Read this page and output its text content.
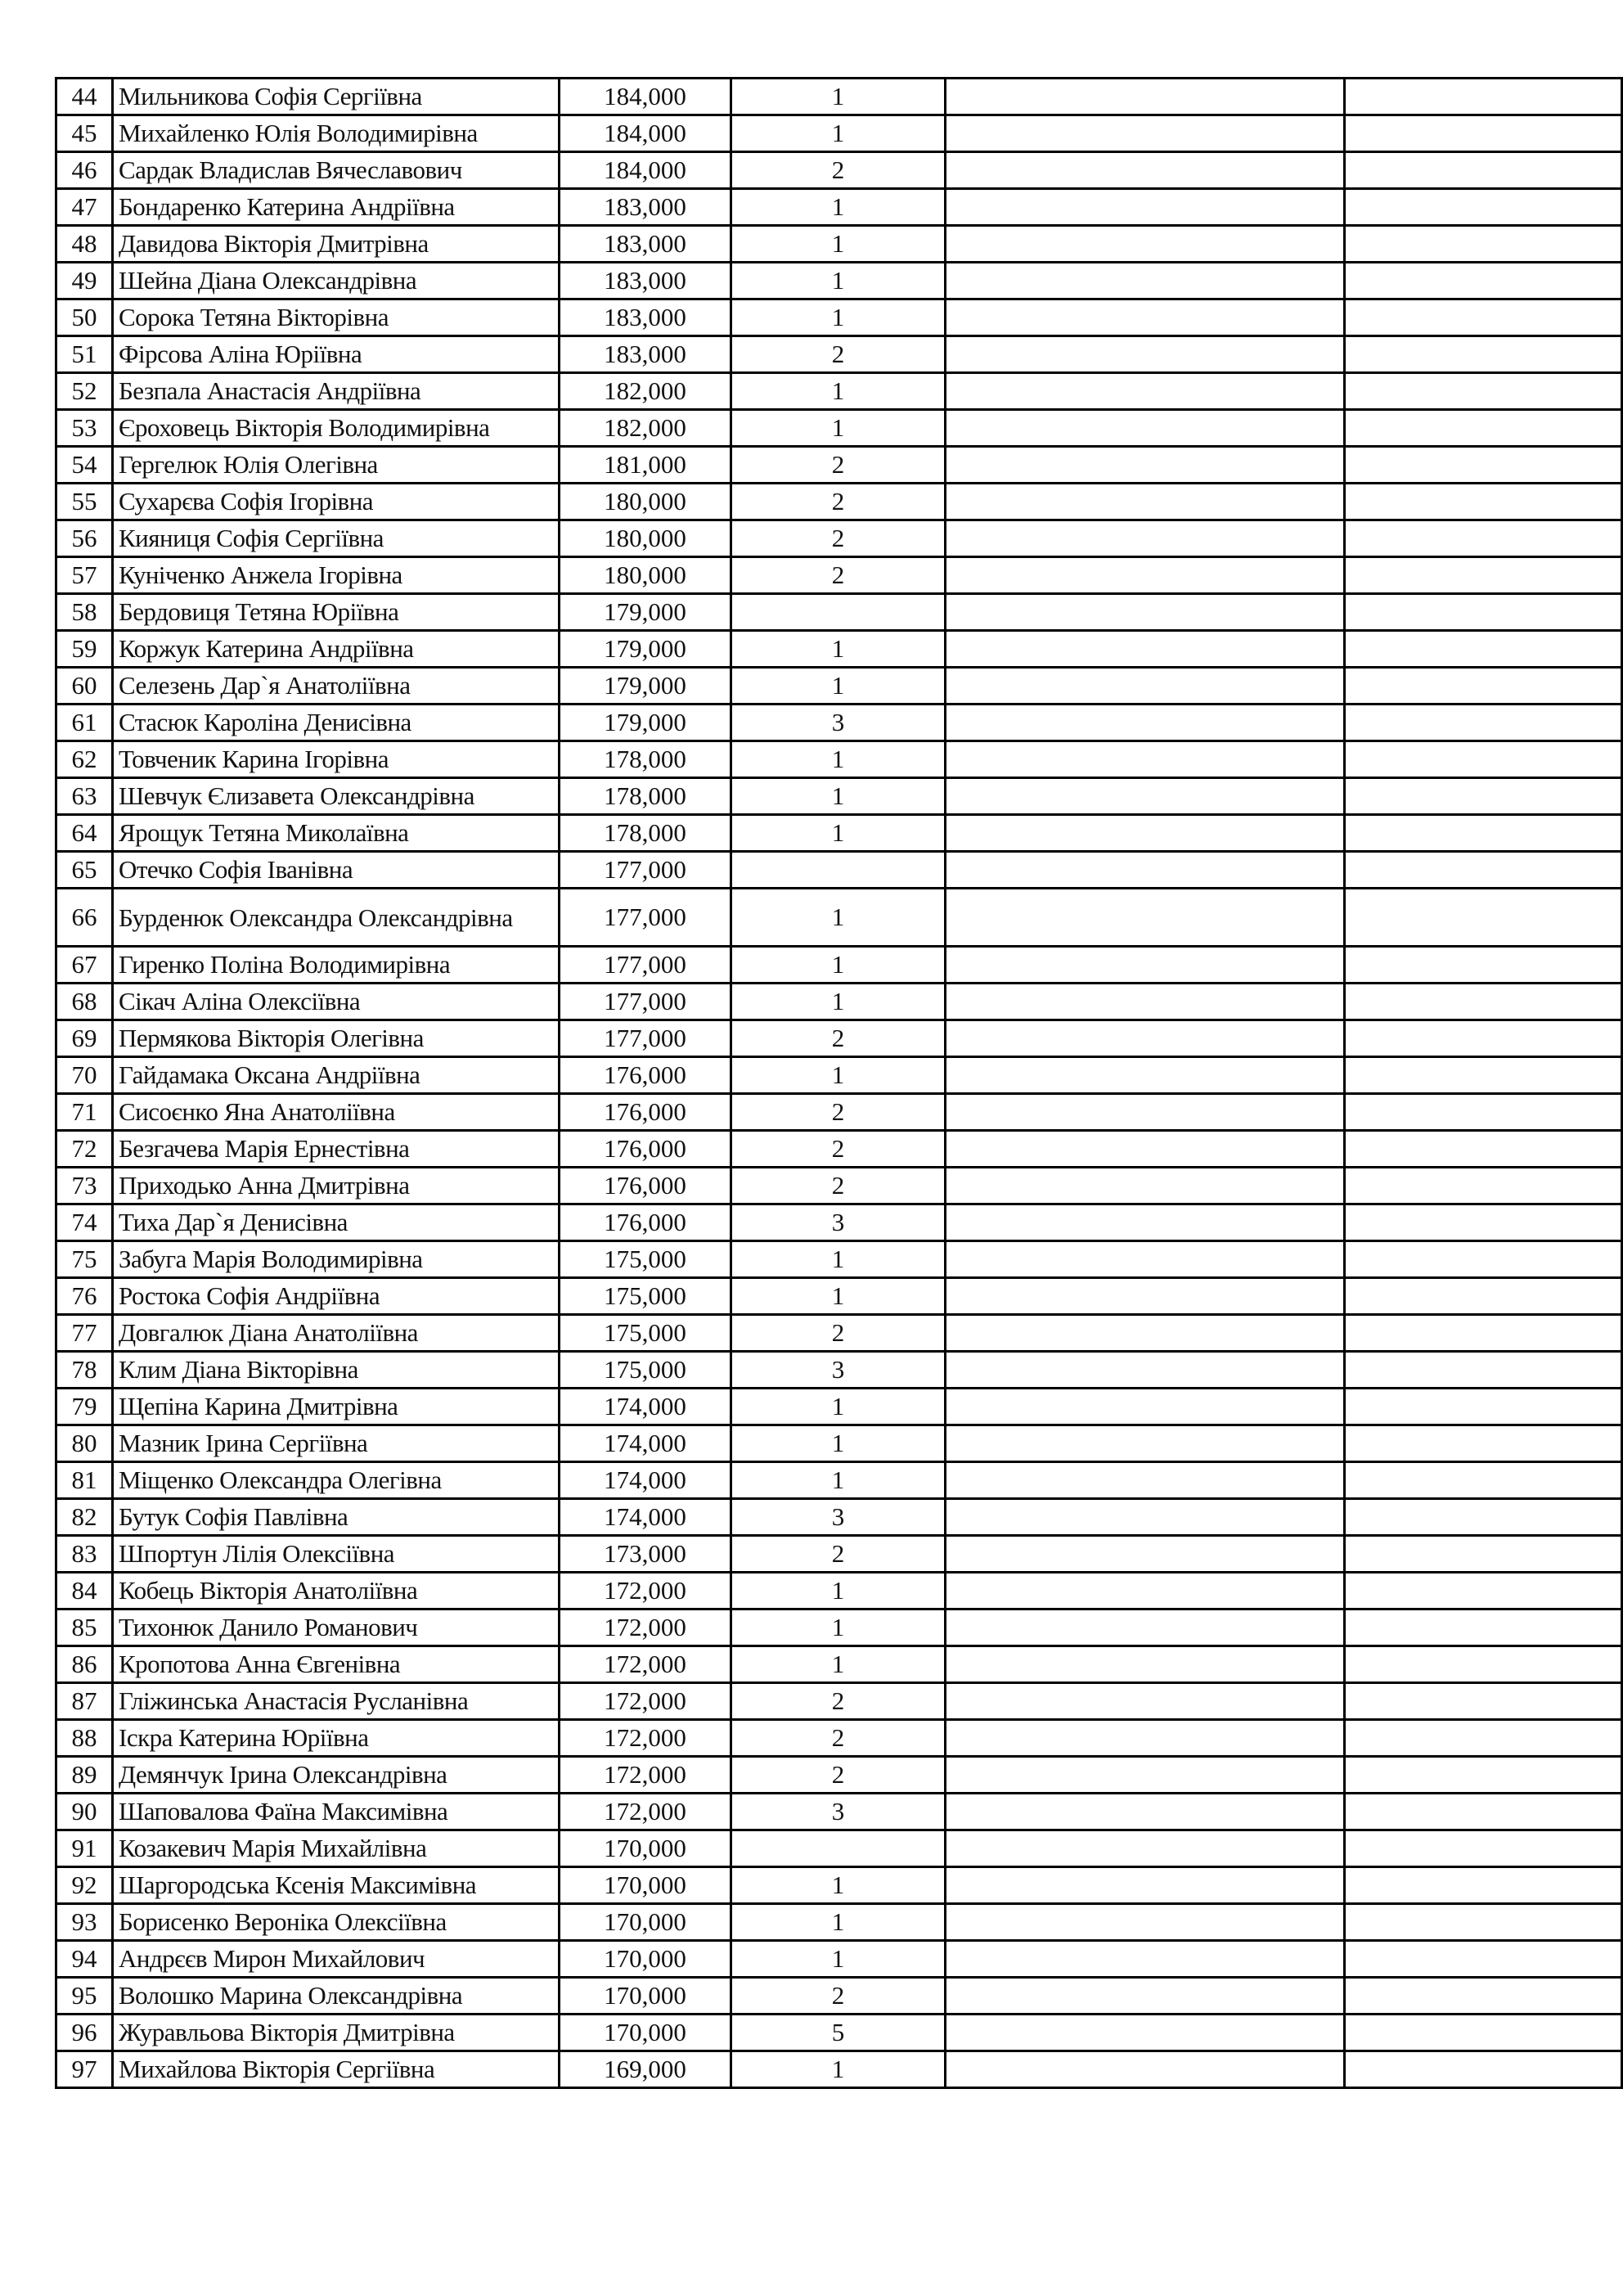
44	Мильникова Софія Сергіївна	184,000	1		
45	Михайленко Юлія Володимирівна	184,000	1		
46	Сардак Владислав Вячеславович	184,000	2		
47	Бондаренко Катерина Андріївна	183,000	1		
48	Давидова Вікторія Дмитрівна	183,000	1		
49	Шейна Діана Олександрівна	183,000	1		
50	Сорока Тетяна Вікторівна	183,000	1		
51	Фірсова Аліна Юріївна	183,000	2		
52	Безпала Анастасія Андріївна	182,000	1		
53	Єроховець Вікторія Володимирівна	182,000	1		
54	Гергелюк Юлія Олегівна	181,000	2		
55	Сухарєва Софія Ігорівна	180,000	2		
56	Кияниця Софія Сергіївна	180,000	2		
57	Куніченко Анжела Ігорівна	180,000	2		
58	Бердовиця Тетяна Юріївна	179,000			
59	Коржук Катерина Андріївна	179,000	1		
60	Селезень Дар`я Анатоліївна	179,000	1		
61	Стасюк Кароліна Денисівна	179,000	3		
62	Товченик Карина Ігорівна	178,000	1		
63	Шевчук Єлизавета Олександрівна	178,000	1		
64	Ярощук Тетяна Миколаївна	178,000	1		
65	Отечко Софія Іванівна	177,000			
66	Бурденюк Олександра Олександрівна	177,000	1		
67	Гиренко Поліна Володимирівна	177,000	1		
68	Сікач Аліна Олексіївна	177,000	1		
69	Пермякова Вікторія Олегівна	177,000	2		
70	Гайдамака Оксана Андріївна	176,000	1		
71	Сисоєнко Яна Анатоліївна	176,000	2		
72	Безгачева Марія Ернестівна	176,000	2		
73	Приходько Анна Дмитрівна	176,000	2		
74	Тиха Дар`я Денисівна	176,000	3		
75	Забуга Марія Володимирівна	175,000	1		
76	Ростока Софія Андріївна	175,000	1		
77	Довгалюк Діана Анатоліївна	175,000	2		
78	Клим Діана Вікторівна	175,000	3		
79	Щепіна Карина Дмитрівна	174,000	1		
80	Мазник Ірина Сергіївна	174,000	1		
81	Міщенко Олександра Олегівна	174,000	1		
82	Бутук Софія Павлівна	174,000	3		
83	Шпортун Лілія Олексіївна	173,000	2		
84	Кобець Вікторія Анатоліївна	172,000	1		
85	Тихонюк Данило Романович	172,000	1		
86	Кропотова Анна Євгенівна	172,000	1		
87	Гліжинська Анастасія Русланівна	172,000	2		
88	Іскра Катерина Юріївна	172,000	2		
89	Демянчук Ірина Олександрівна	172,000	2		
90	Шаповалова Фаїна Максимівна	172,000	3		
91	Козакевич Марія Михайлівна	170,000			
92	Шаргородська Ксенія Максимівна	170,000	1		
93	Борисенко Вероніка Олексіївна	170,000	1		
94	Андрєєв Мирон Михайлович	170,000	1		
95	Волошко Марина Олександрівна	170,000	2		
96	Журавльова Вікторія Дмитрівна	170,000	5		
97	Михайлова Вікторія Сергіївна	169,000	1		
